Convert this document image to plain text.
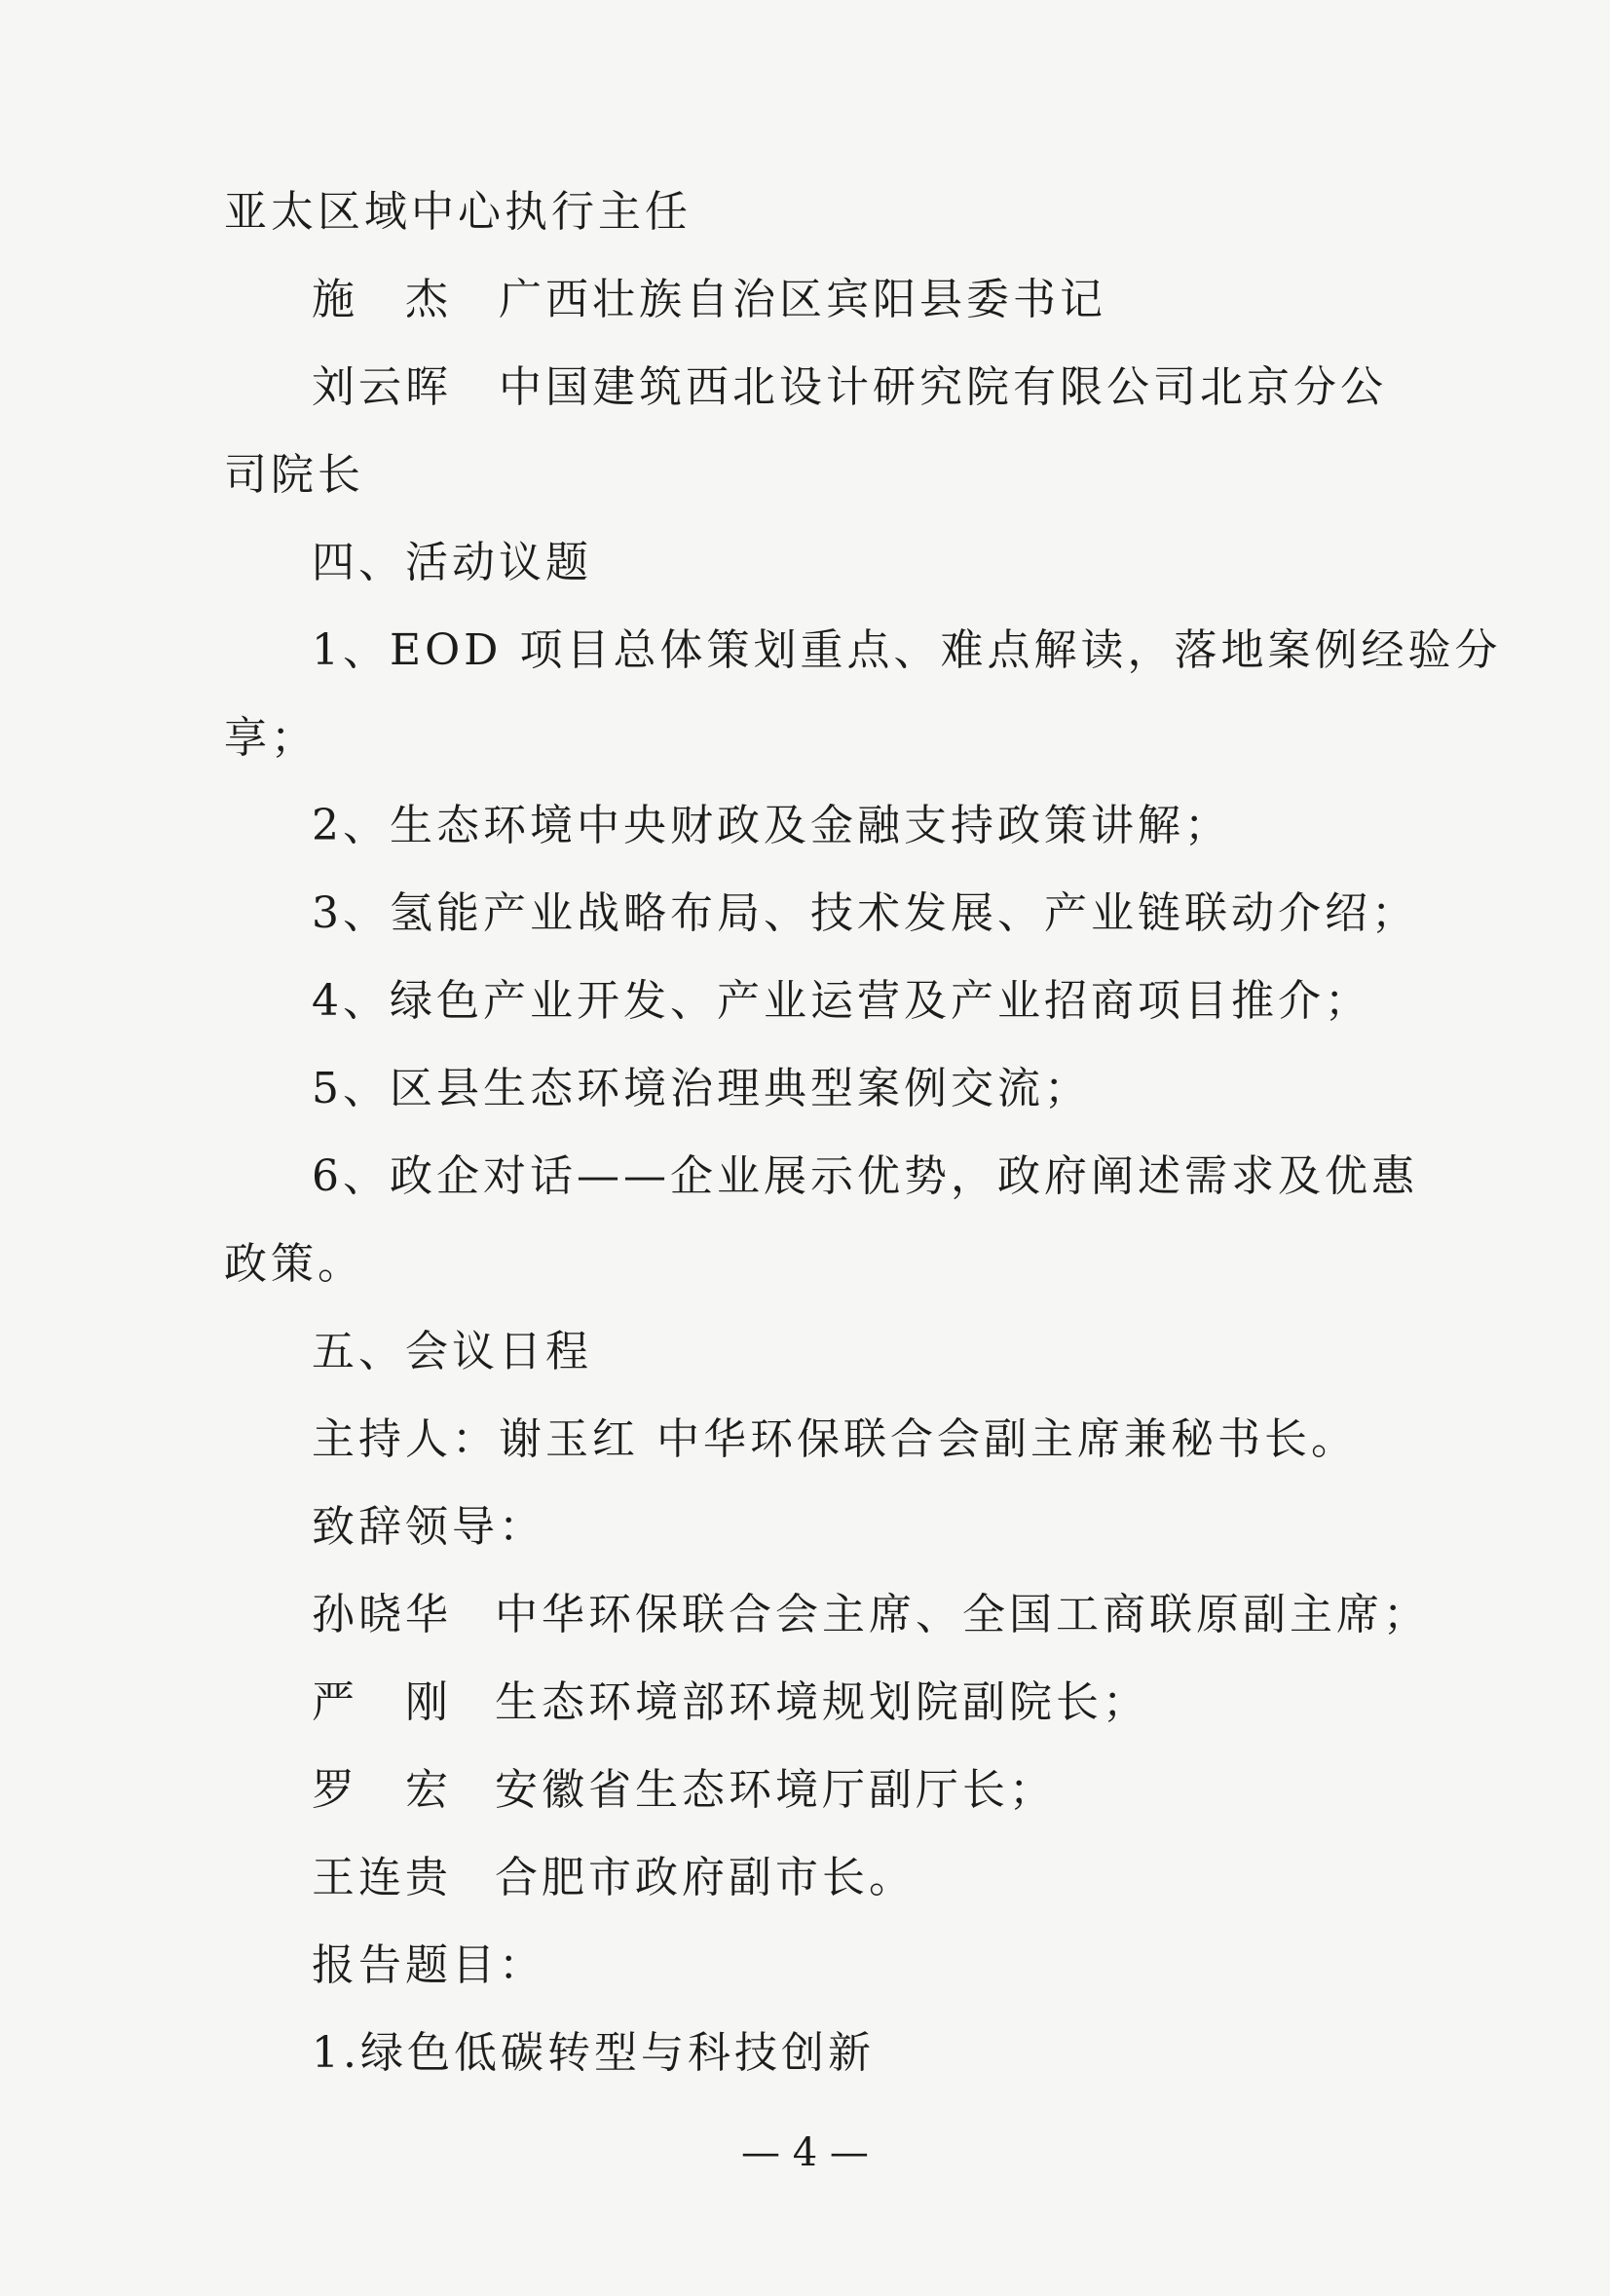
亚太区域中心执行主任
施　杰　广西壮族自治区宾阳县委书记
刘云晖　中国建筑西北设计研究院有限公司北京分公
司院长
四、活动议题
1、EOD 项目总体策划重点、难点解读，落地案例经验分
享；
2、生态环境中央财政及金融支持政策讲解；
3、氢能产业战略布局、技术发展、产业链联动介绍；
4、绿色产业开发、产业运营及产业招商项目推介；
5、区县生态环境治理典型案例交流；
6、政企对话——企业展示优势，政府阐述需求及优惠
政策。
五、会议日程
主持人：谢玉红 中华环保联合会副主席兼秘书长。
致辞领导：
孙晓华 中华环保联合会主席、全国工商联原副主席；
严　刚 生态环境部环境规划院副院长；
罗　宏 安徽省生态环境厅副厅长；
王连贵 合肥市政府副市长。
报告题目：
1.绿色低碳转型与科技创新
— 4 —
